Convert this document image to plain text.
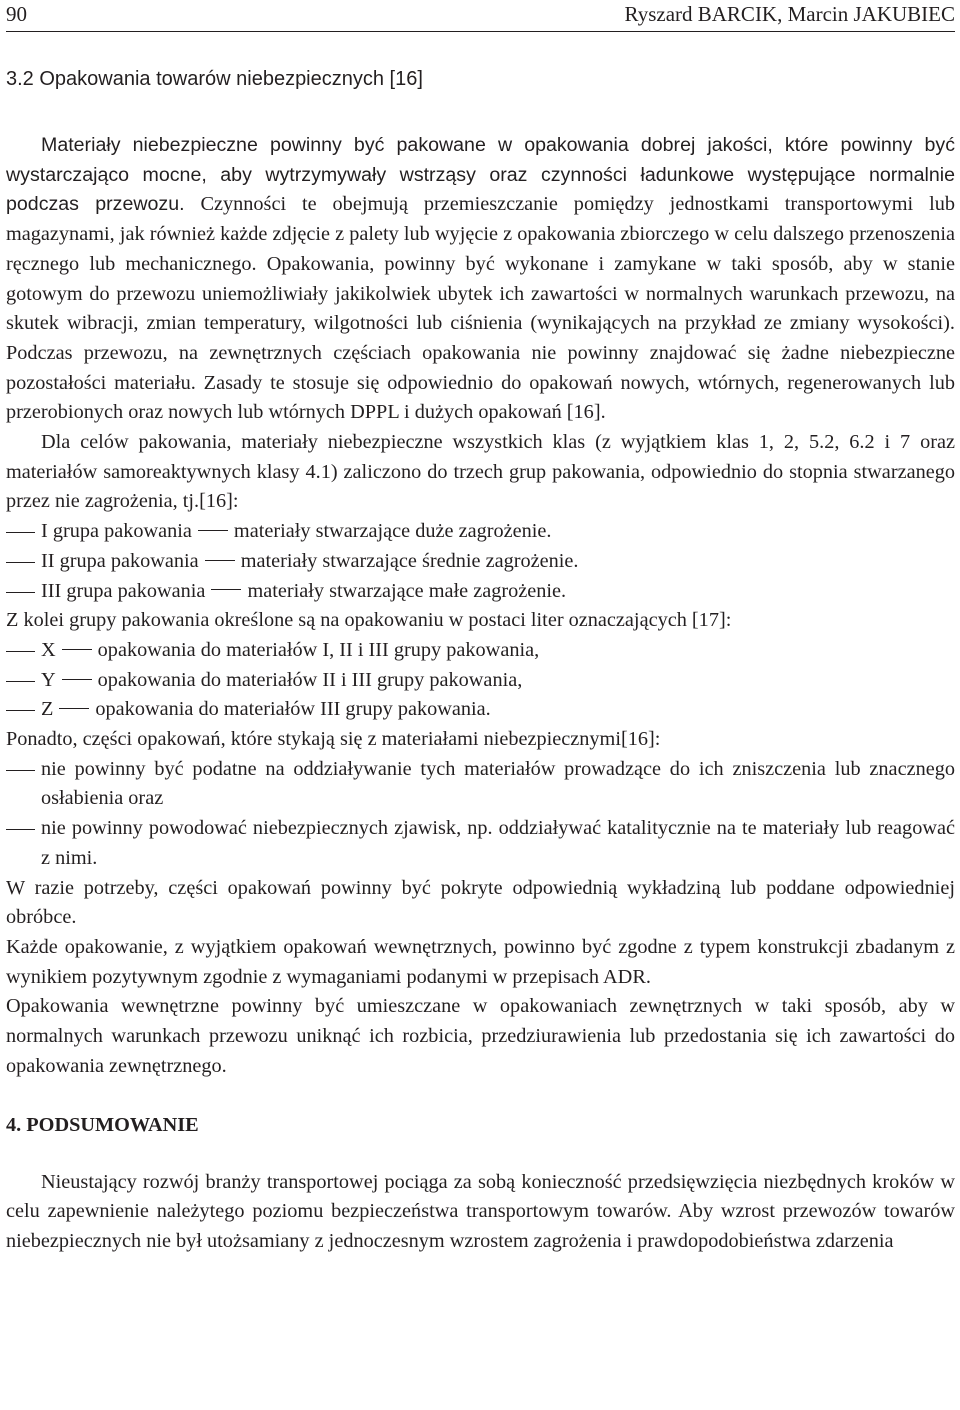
90	Ryszard BARCIK, Marcin JAKUBIEC
3.2 Opakowania towarów niebezpiecznych [16]

Materiały niebezpieczne powinny być pakowane w opakowania dobrej jakości, które powinny być wystarczająco mocne, aby wytrzymywały wstrząsy oraz czynności ładunkowe występujące normalnie podczas przewozu. Czynności te obejmują przemieszczanie pomiędzy jednostkami transportowymi lub magazynami, jak również każde zdjęcie z palety lub wyjęcie z opakowania zbiorczego w celu dalszego przenoszenia ręcznego lub mechanicznego. Opakowania, powinny być wykonane i zamykane w taki sposób, aby w stanie gotowym do przewozu uniemożliwiały jakikolwiek ubytek ich zawartości w normalnych warunkach przewozu, na skutek wibracji, zmian temperatury, wilgotności lub ciśnienia (wynikających na przykład ze zmiany wysokości). Podczas przewozu, na zewnętrznych częściach opakowania nie powinny znajdować się żadne niebezpieczne pozostałości materiału. Zasady te stosuje się odpowiednio do opakowań nowych, wtórnych, regenerowanych lub przerobionych oraz nowych lub wtórnych DPPL i dużych opakowań [16].

Dla celów pakowania, materiały niebezpieczne wszystkich klas (z wyjątkiem klas 1, 2, 5.2, 6.2 i 7 oraz materiałów samoreaktywnych klasy 4.1) zaliczono do trzech grup pakowania, odpowiednio do stopnia stwarzanego przez nie zagrożenia, tj.[16]:

I grupa pakowania materiały stwarzające duże zagrożenie.
II grupa pakowania materiały stwarzające średnie zagrożenie.
III grupa pakowania materiały stwarzające małe zagrożenie.

Z kolei grupy pakowania określone są na opakowaniu w postaci liter oznaczających [17]:

X opakowania do materiałów I, II i III grupy pakowania,
Y opakowania do materiałów II i III grupy pakowania,
Z opakowania do materiałów III grupy pakowania.

Ponadto, części opakowań, które stykają się z materiałami niebezpiecznymi[16]:

nie powinny być podatne na oddziaływanie tych materiałów prowadzące do ich zniszczenia lub znacznego osłabienia oraz
nie powinny powodować niebezpiecznych zjawisk, np. oddziaływać katalitycznie na te materiały lub reagować z nimi.

W razie potrzeby, części opakowań powinny być pokryte odpowiednią wykładziną lub poddane odpowiedniej obróbce.

Każde opakowanie, z wyjątkiem opakowań wewnętrznych, powinno być zgodne z typem konstrukcji zbadanym z wynikiem pozytywnym zgodnie z wymaganiami podanymi w przepisach ADR.

Opakowania wewnętrzne powinny być umieszczane w opakowaniach zewnętrznych w taki sposób, aby w normalnych warunkach przewozu uniknąć ich rozbicia, przedziurawienia lub przedostania się ich zawartości do opakowania zewnętrznego.

4. PODSUMOWANIE

Nieustający rozwój branży transportowej pociąga za sobą konieczność przedsięwzięcia niezbędnych kroków w celu zapewnienie należytego poziomu bezpieczeństwa transportowym towarów. Aby wzrost przewozów towarów niebezpiecznych nie był utożsamiany z jednoczesnym wzrostem zagrożenia i prawdopodobieństwa zdarzenia
